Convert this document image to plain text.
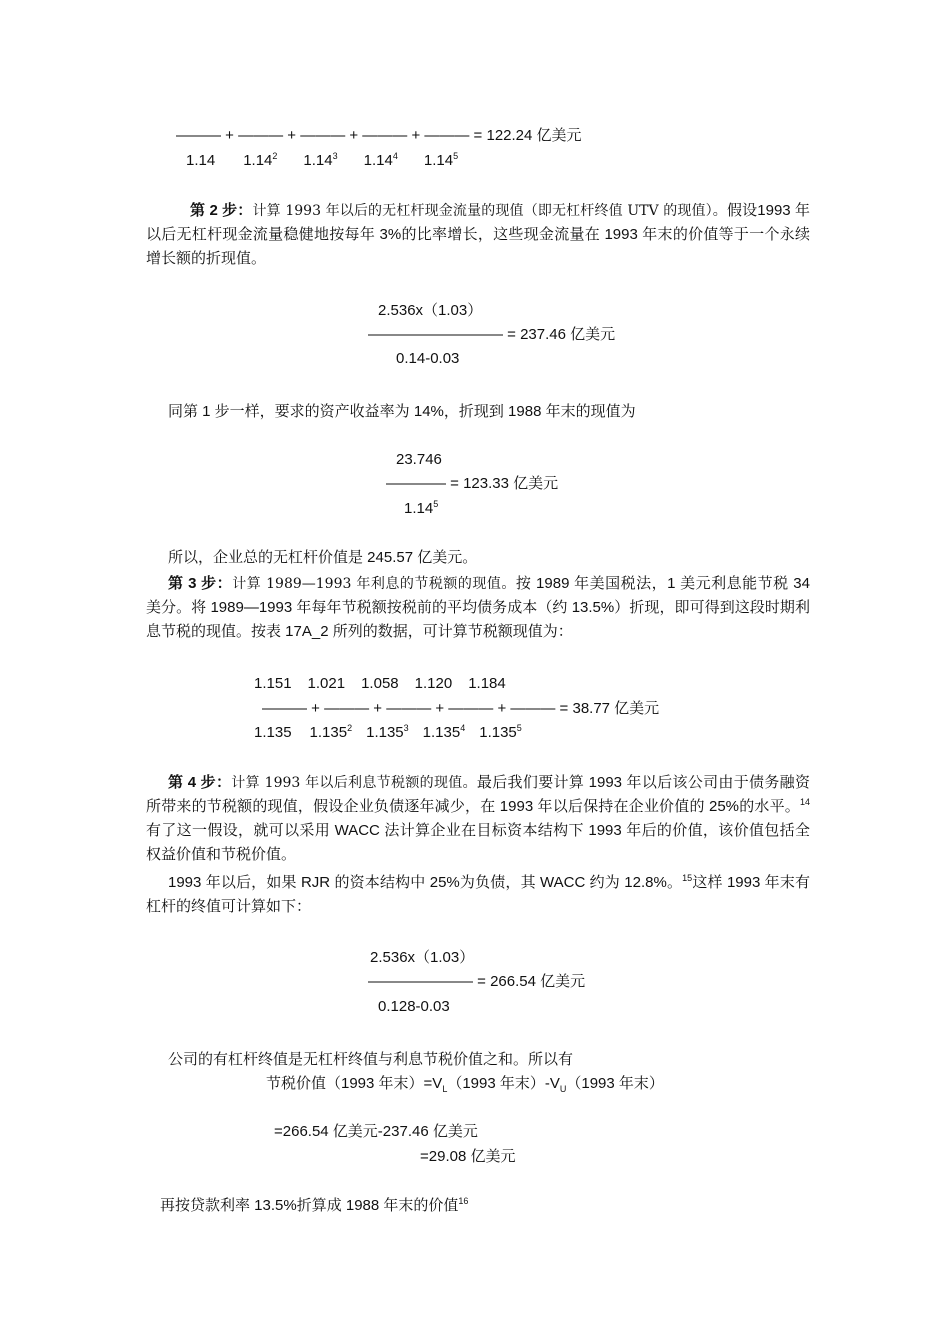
——— + ——— + ——— + ——— + ——— = 122.24 亿美元
1.14 1.14$^2$ 1.14$^3$ 1.14$^4$ 1.14$^5$
第 2 步：计算 1993 年以后的无杠杆现金流量的现值（即无杠杆终值 UTV 的现值）。假设1993 年以后无杠杆现金流量稳健地按每年 3%的比率增长，这些现金流量在 1993 年末的价值等于一个永续增长额的折现值。
2.536x（1.03）
————————— = 237.46 亿美元
0.14-0.03
同第 1 步一样，要求的资产收益率为 14%，折现到 1988 年末的现值为
23.746
———— = 123.33 亿美元
1.14$^5$
所以，企业总的无杠杆价值是 245.57 亿美元。
第 3 步：计算 1989—1993 年利息的节税额的现值。按 1989 年美国税法，1 美元利息能节税 34 美分。将 1989—1993 年每年节税额按税前的平均债务成本（约 13.5%）折现，即可得到这段时期利息节税的现值。按表 17A_2 所列的数据，可计算节税额现值为：
1.151 1.021 1.058 1.120 1.184
——— + ——— + ——— + ——— + ——— = 38.77 亿美元
1.135 1.135$^2$ 1.135$^3$ 1.135$^4$ 1.135$^5$
第 4 步：计算 1993 年以后利息节税额的现值。最后我们要计算 1993 年以后该公司由于债务融资所带来的节税额的现值，假设企业负债逐年减少，在 1993 年以后保持在企业价值的 25%的水平。$^{14}$有了这一假设，就可以采用 WACC 法计算企业在目标资本结构下 1993 年后的价值，该价值包括全权益价值和节税价值。
1993 年以后，如果 RJR 的资本结构中 25%为负债，其 WACC 约为 12.8%。$^{15}$这样 1993 年末有杠杆的终值可计算如下：
2.536x（1.03）
——————— = 266.54 亿美元
0.128-0.03
公司的有杠杆终值是无杠杆终值与利息节税价值之和。所以有
节税价值（1993 年末）$=V_L(1993$ 年末）$-V_U(1993$ 年末）
=266.54 亿美元-237.46 亿美元
=29.08 亿美元
再按贷款利率 13.5%折算成 1988 年末的价值$^{16}$
